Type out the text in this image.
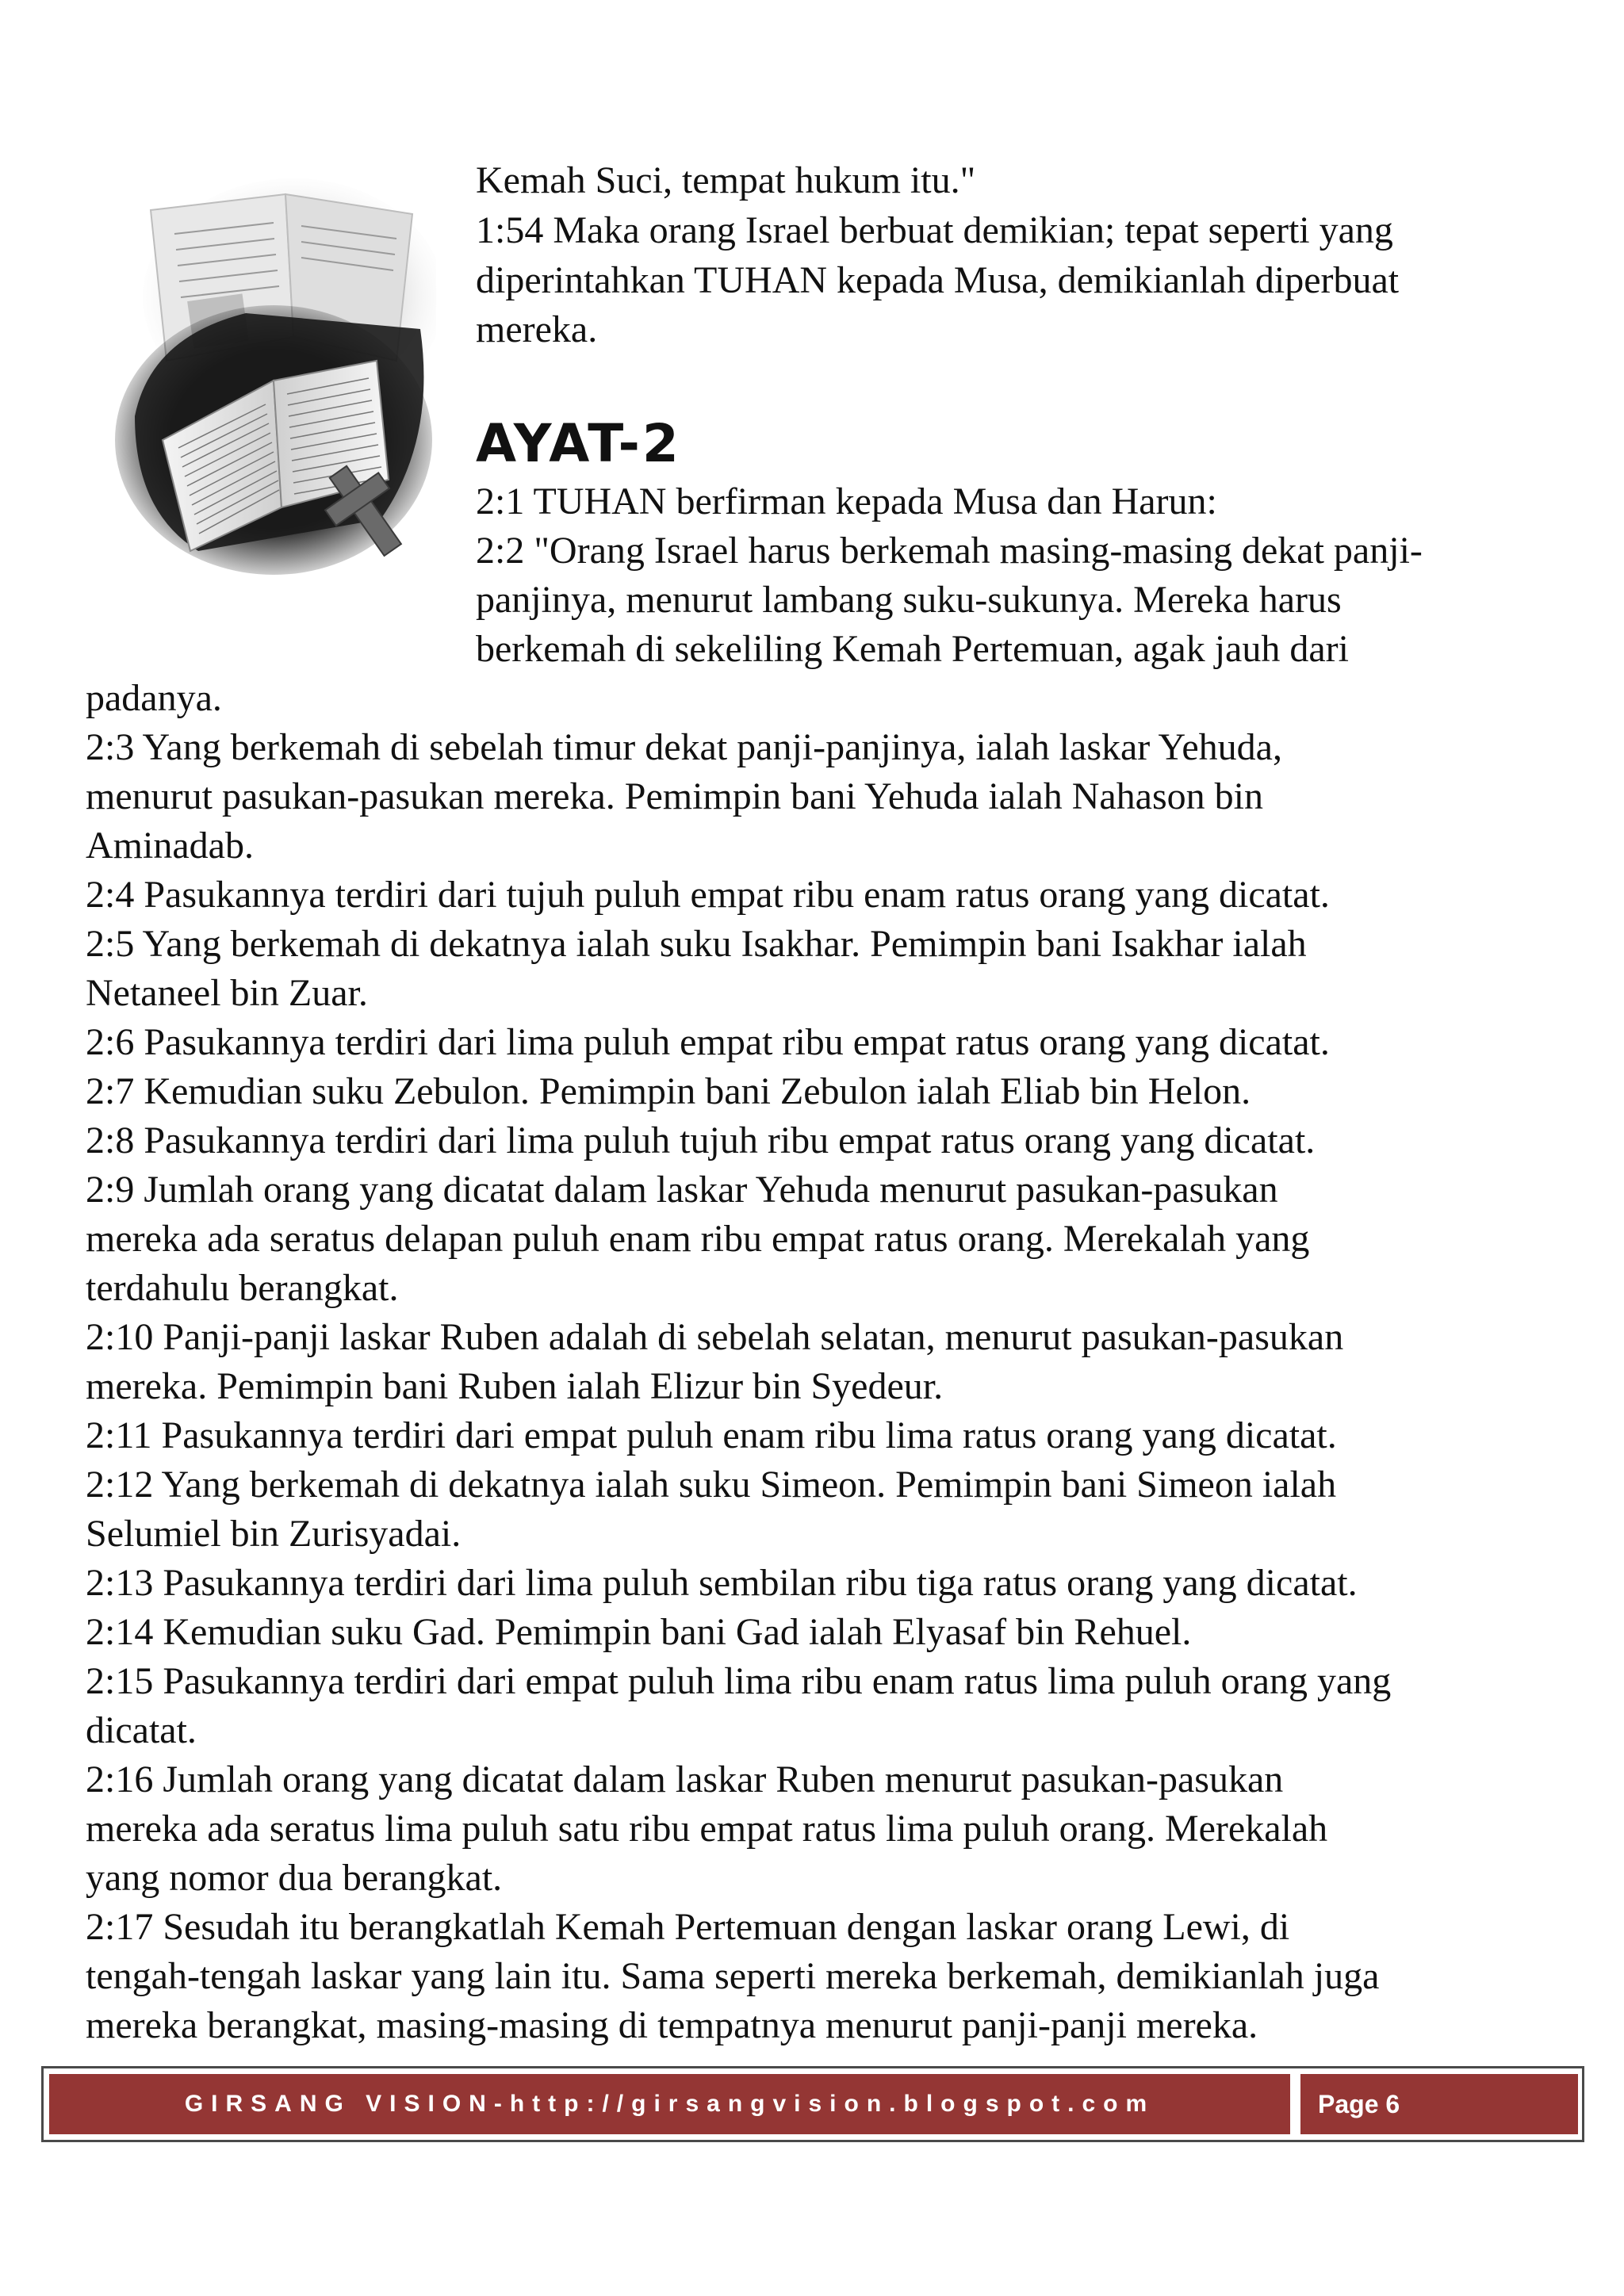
Kemah Suci, tempat hukum itu."
1:54 Maka orang Israel berbuat demikian; tepat seperti yang
diperintahkan TUHAN kepada Musa, demikianlah diperbuat
mereka.
AYAT-2
2:1 TUHAN berfirman kepada Musa dan Harun:
2:2 "Orang Israel harus berkemah masing-masing dekat panji-
panjinya, menurut lambang suku-sukunya. Mereka harus
berkemah di sekeliling Kemah Pertemuan, agak jauh dari
padanya.
2:3 Yang berkemah di sebelah timur dekat panji-panjinya, ialah laskar Yehuda,
menurut pasukan-pasukan mereka. Pemimpin bani Yehuda ialah Nahason bin
Aminadab.
2:4 Pasukannya terdiri dari tujuh puluh empat ribu enam ratus orang yang dicatat.
2:5 Yang berkemah di dekatnya ialah suku Isakhar. Pemimpin bani Isakhar ialah
Netaneel bin Zuar.
2:6 Pasukannya terdiri dari lima puluh empat ribu empat ratus orang yang dicatat.
2:7 Kemudian suku Zebulon. Pemimpin bani Zebulon ialah Eliab bin Helon.
2:8 Pasukannya terdiri dari lima puluh tujuh ribu empat ratus orang yang dicatat.
2:9 Jumlah orang yang dicatat dalam laskar Yehuda menurut pasukan-pasukan
mereka ada seratus delapan puluh enam ribu empat ratus orang. Merekalah yang
terdahulu berangkat.
2:10 Panji-panji laskar Ruben adalah di sebelah selatan, menurut pasukan-pasukan
mereka. Pemimpin bani Ruben ialah Elizur bin Syedeur.
2:11 Pasukannya terdiri dari empat puluh enam ribu lima ratus orang yang dicatat.
2:12 Yang berkemah di dekatnya ialah suku Simeon. Pemimpin bani Simeon ialah
Selumiel bin Zurisyadai.
2:13 Pasukannya terdiri dari lima puluh sembilan ribu tiga ratus orang yang dicatat.
2:14 Kemudian suku Gad. Pemimpin bani Gad ialah Elyasaf bin Rehuel.
2:15 Pasukannya terdiri dari empat puluh lima ribu enam ratus lima puluh orang yang
dicatat.
2:16 Jumlah orang yang dicatat dalam laskar Ruben menurut pasukan-pasukan
mereka ada seratus lima puluh satu ribu empat ratus lima puluh orang. Merekalah
yang nomor dua berangkat.
2:17 Sesudah itu berangkatlah Kemah Pertemuan dengan laskar orang Lewi, di
tengah-tengah laskar yang lain itu. Sama seperti mereka berkemah, demikianlah juga
mereka berangkat, masing-masing di tempatnya menurut panji-panji mereka.
GIRSANG VISION-http://girsangvision.blogspot.com	Page 6
